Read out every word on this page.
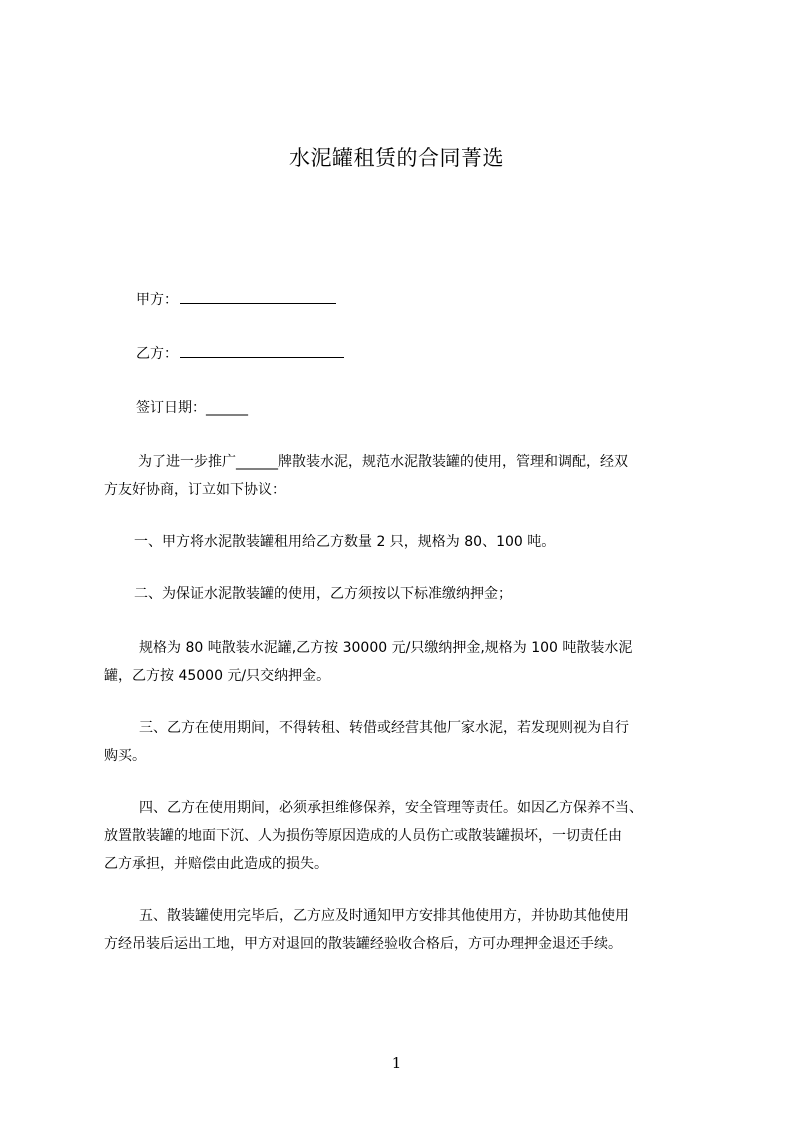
水泥罐租赁的合同菁选
甲方：
乙方：
签订日期：______
为了进一步推广______牌散装水泥，规范水泥散装罐的使用，管理和调配，经双
方友好协商，订立如下协议：
一、甲方将水泥散装罐租用给乙方数量 2 只，规格为 80、100 吨。
二、为保证水泥散装罐的使用，乙方须按以下标准缴纳押金；
规格为 80 吨散装水泥罐,乙方按 30000 元/只缴纳押金,规格为 100 吨散装水泥
罐，乙方按 45000 元/只交纳押金。
三、乙方在使用期间，不得转租、转借或经营其他厂家水泥，若发现则视为自行
购买。
四、乙方在使用期间，必须承担维修保养，安全管理等责任。如因乙方保养不当、
放置散装罐的地面下沉、人为损伤等原因造成的人员伤亡或散装罐损坏，一切责任由
乙方承担，并赔偿由此造成的损失。
五、散装罐使用完毕后，乙方应及时通知甲方安排其他使用方，并协助其他使用
方经吊装后运出工地，甲方对退回的散装罐经验收合格后，方可办理押金退还手续。
1
